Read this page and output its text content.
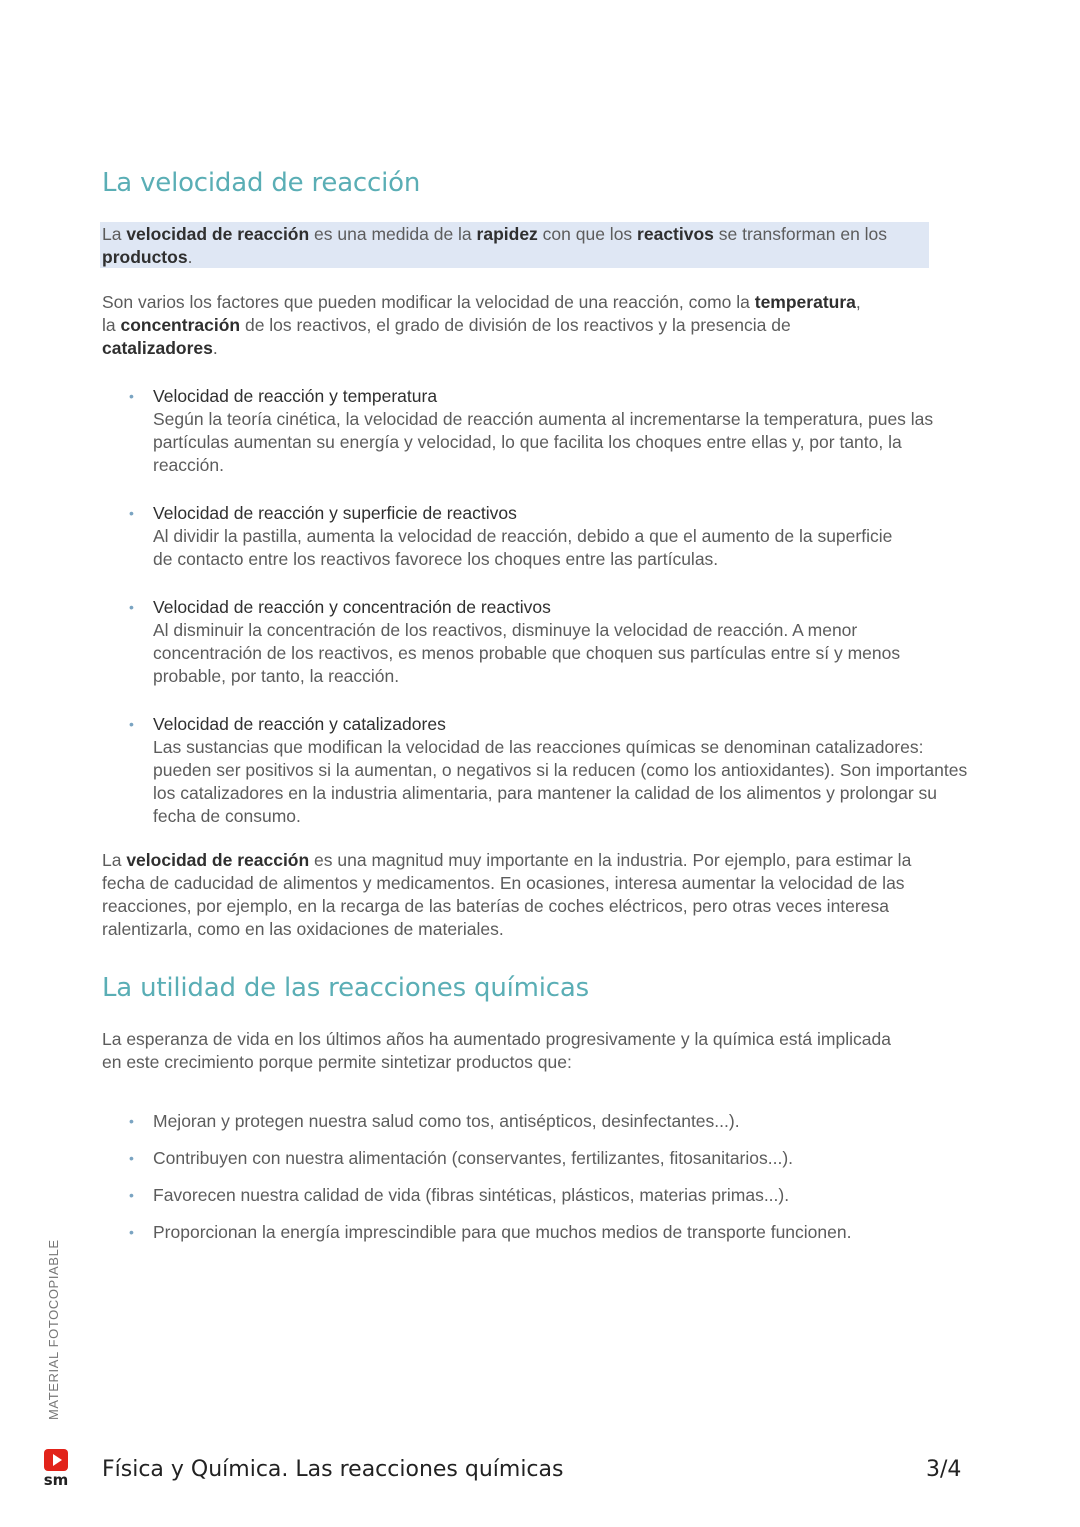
La velocidad de reacción

La velocidad de reacción es una medida de la rapidez con que los reactivos se transforman en los productos.

Son varios los factores que pueden modificar la velocidad de una reacción, como la temperatura, la concentración de los reactivos, el grado de división de los reactivos y la presencia de catalizadores.

• Velocidad de reacción y temperatura
Según la teoría cinética, la velocidad de reacción aumenta al incrementarse la temperatura, pues las partículas aumentan su energía y velocidad, lo que facilita los choques entre ellas y, por tanto, la reacción.
• Velocidad de reacción y superficie de reactivos
Al dividir la pastilla, aumenta la velocidad de reacción, debido a que el aumento de la superficie de contacto entre los reactivos favorece los choques entre las partículas.
• Velocidad de reacción y concentración de reactivos
Al disminuir la concentración de los reactivos, disminuye la velocidad de reacción. A menor concentración de los reactivos, es menos probable que choquen sus partículas entre sí y menos probable, por tanto, la reacción.
• Velocidad de reacción y catalizadores
Las sustancias que modifican la velocidad de las reacciones químicas se denominan catalizadores: pueden ser positivos si la aumentan, o negativos si la reducen (como los antioxidantes). Son importantes los catalizadores en la industria alimentaria, para mantener la calidad de los alimentos y prolongar su fecha de consumo.

La velocidad de reacción es una magnitud muy importante en la industria. Por ejemplo, para estimar la fecha de caducidad de alimentos y medicamentos. En ocasiones, interesa aumentar la velocidad de las reacciones, por ejemplo, en la recarga de las baterías de coches eléctricos, pero otras veces interesa ralentizarla, como en las oxidaciones de materiales.

La utilidad de las reacciones químicas

La esperanza de vida en los últimos años ha aumentado progresivamente y la química está implicada en este crecimiento porque permite sintetizar productos que:

• Mejoran y protegen nuestra salud como tos, antisépticos, desinfectantes...).
• Contribuyen con nuestra alimentación (conservantes, fertilizantes, fitosanitarios...).
• Favorecen nuestra calidad de vida (fibras sintéticas, plásticos, materias primas...).
• Proporcionan la energía imprescindible para que muchos medios de transporte funcionen.
MATERIAL FOTOCOPIABLE
sm Física y Química. Las reacciones químicas	3/4
